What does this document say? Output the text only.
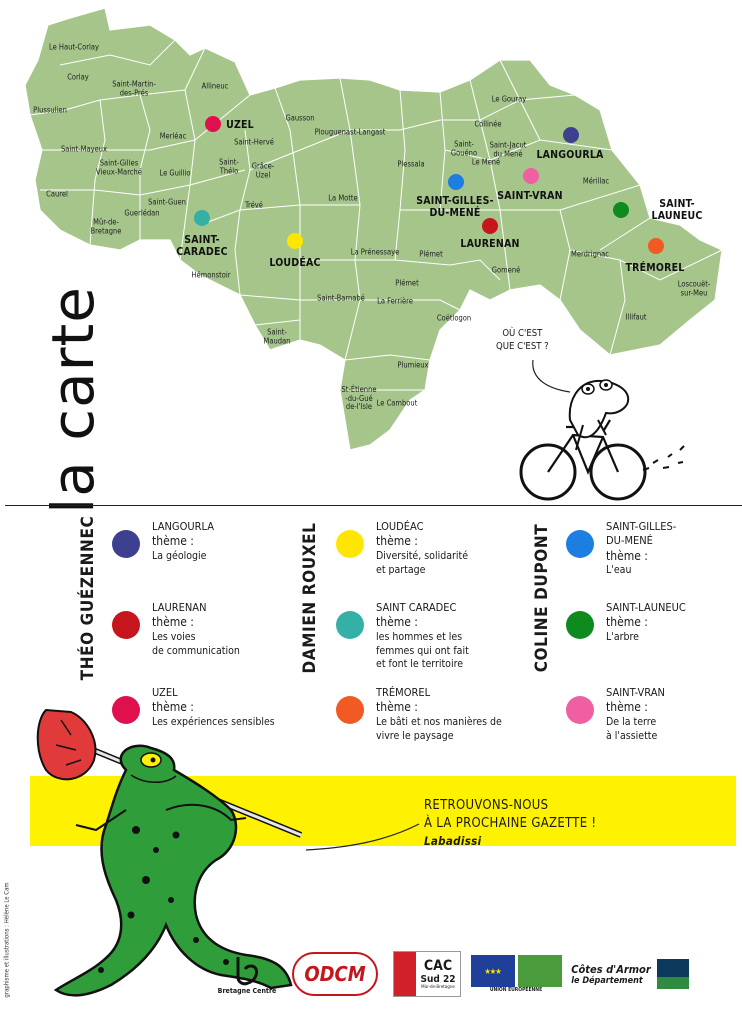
Le Haut-Corlay
Corlay
Saint-Martin-
des-Prés
Plussulien
Allineuc
Merléac
Saint-Mayeux
Saint-Gilles
Vieux-Marché Le Guillio
Saint-Hervé
Saint-
Thélo
Grâce-
Uzel
Caurel
Saint-Guen
Guerlédan
Mûr-de-
Bretagne
Trévé
Hémonstoir
Gausson
Plouguenast-Langast
La Motte
Plessala
Saint-
Gouéno
Le Gouray
Collinée
Saint-Jacut
du Mené
Le Mené
Mérillac
La Prénessaye	Plémet
Gomené
Merdrignac
Saint-Barnabé La Ferrière
Coëtlogon
Loscouët-
sur-Meu
Illifaut
Saint-
Maudan
Plumieux
St-Étienne
-du-Gué
de-l'Isle Le Cambout
Plémet
UZEL
LANGOURLA
SAINT-GILLES-
DU-MENÉ
SAINT-VRAN
SAINT-LAUNEUC
SAINT-
CARADEC
LOUDÉAC
LAURENAN
TRÉMOREL
OÙ C'EST
QUE C'EST ?
la carte
THÉO GUÉZENNEC	DAMIEN ROUXEL	COLINE DUPONT
LANGOURLA
thème :
La géologie
LAURENAN
thème :
Les voies
de communication
UZEL
thème :
Les expériences sensibles
LOUDÉAC
thème :
Diversité, solidarité
et partage
SAINT CARADEC
thème :
les hommes et les
femmes qui ont fait
et font le territoire
TRÉMOREL
thème :
Le bâti et nos manières de
vivre le paysage
SAINT-GILLES-
DU-MENÉ
thème :
L'eau
SAINT-LAUNEUC
thème :
L'arbre
SAINT-VRAN
thème :
De la terre
à l'assiette
RETROUVONS-NOUS
À LA PROCHAINE GAZETTE !
Labadissi
graphisme et illustrations : Hélène Le Cam	Bretagne Centre
ODCM	CAC
Sud 22
Mûr-de-Bretagne
★★★
UNION EUROPÉENNE
Côtes d'Armor
le Département
